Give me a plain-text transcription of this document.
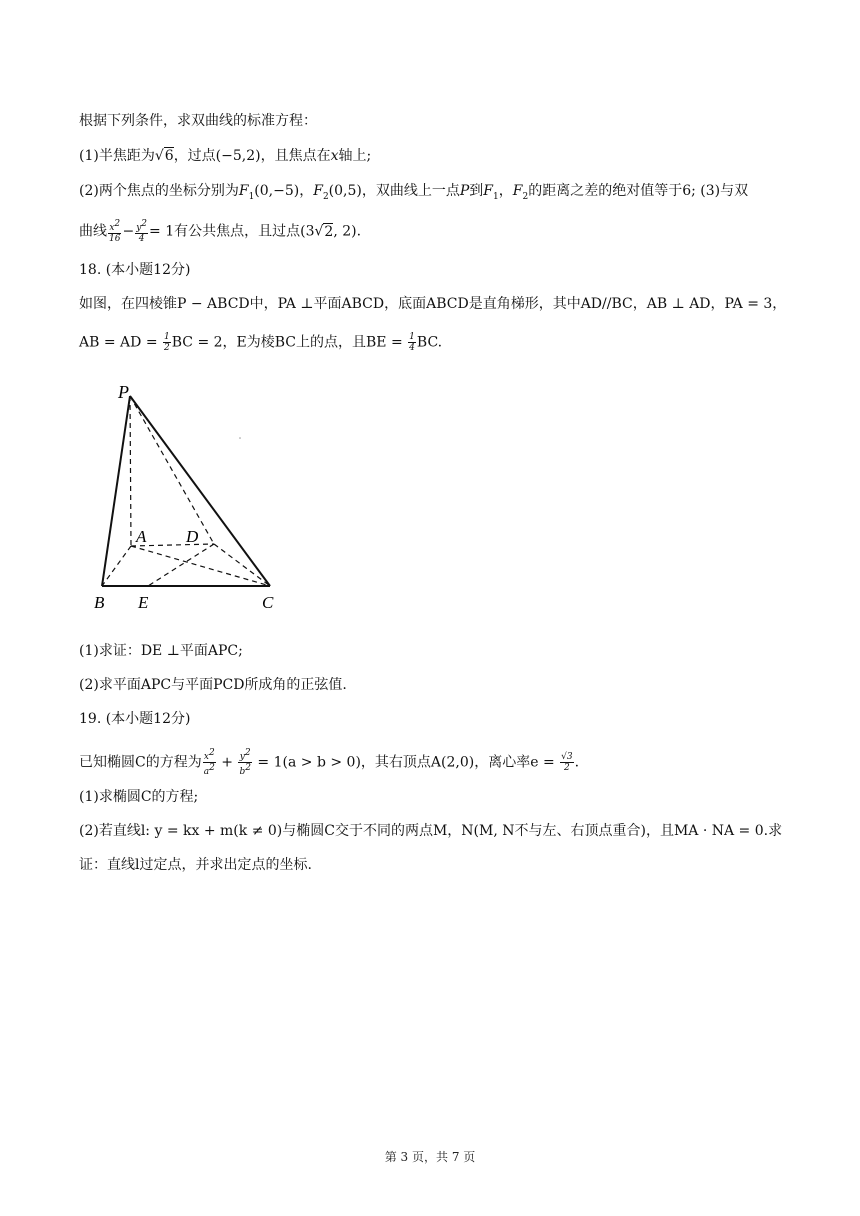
根据下列条件，求双曲线的标准方程：
(1)半焦距为√6，过点(−5,2)，且焦点在x轴上;
(2)两个焦点的坐标分别为$F_1(0,-5)$，$F_2(0,5)$，双曲线上一点P到$F_1$，$F_2$的距离之差的绝对值等于6; (3)与双
曲线 $\frac{x^2}{16} - \frac{y^2}{4} = 1$有公共焦点，且过点(3√2, 2).
18. (本小题12分)
如图，在四棱锥P − ABCD中，PA ⊥平面ABCD，底面ABCD是直角梯形，其中AD//BC，AB ⊥ AD，PA = 3，
AB = AD = $\frac{1}{2}$ BC = 2，E为棱BC上的点，且BE = $\frac{1}{4}$ BC.
P
A D
B E	C
(1)求证：DE ⊥平面APC;
(2)求平面APC与平面PCD所成角的正弦值.
19. (本小题12分)
已知椭圆C的方程为 $\frac{x^2}{a^2} + \frac{y^2}{b^2} = 1(a > b > 0)$，其右顶点A(2,0)，离心率$e = \frac{√3}{2}$ .
(1)求椭圆C的方程;
(2)若直线l: y = kx + m(k ≠ 0)与椭圆C交于不同的两点M，N(M, N不与左、右顶点重合)，且MA · NA = 0.求
证：直线l过定点，并求出定点的坐标.
第 3 页，共 7 页
